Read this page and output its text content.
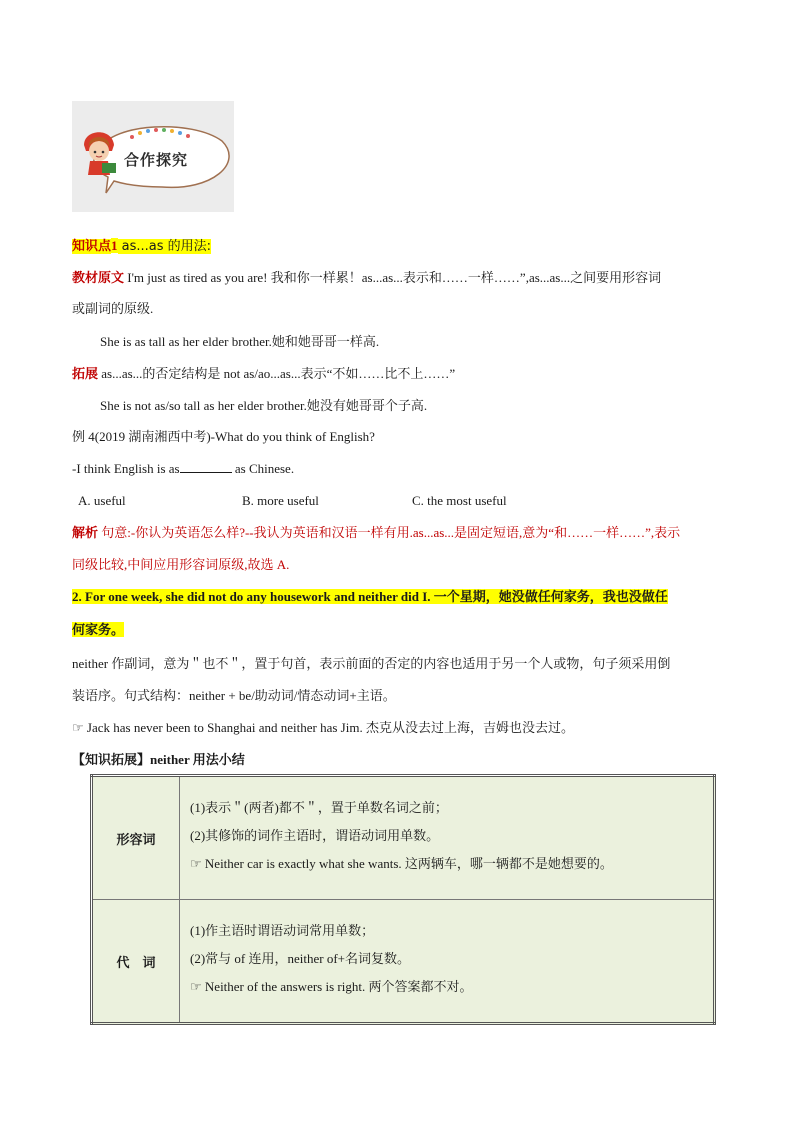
合作探究
知识点1 as...as 的用法:
教材原文 I'm just as tired as you are! 我和你一样累！as...as...表示和……一样……”,as...as...之间要用形容词
或副词的原级.
She is as tall as her elder brother.她和她哥哥一样高.
拓展 as...as...的否定结构是 not as/ao...as...表示“不如……比不上……”
She is not as/so tall as her elder brother.她没有她哥哥个子高.
例 4(2019 湖南湘西中考)-What do you think of English?
-I think English is as	as Chinese.
A. useful	B. more useful	C. the most useful
解析 句意:-你认为英语怎么样?--我认为英语和汉语一样有用.as...as...是固定短语,意为“和……一样……”,表示
同级比较,中间应用形容词原级,故选 A.
2. For one week, she did not do any housework and neither did I. 一个星期，她没做任何家务，我也没做任
何家务。
neither 作副词，意为＂也不＂，置于句首，表示前面的否定的内容也适用于另一个人或物，句子须采用倒
装语序。句式结构：neither + be/助动词/情态动词+主语。
☞ Jack has never been to Shanghai and neither has Jim. 杰克从没去过上海，吉姆也没去过。
【知识拓展】neither 用法小结
形容词	(1)表示＂(两者)都不＂，置于单数名词之前；
(2)其修饰的词作主语时，谓语动词用单数。
☞ Neither car is exactly what she wants. 这两辆车，哪一辆都不是她想要的。

代　词	(1)作主语时谓语动词常用单数；
(2)常与 of 连用，neither of+名词复数。
☞ Neither of the answers is right. 两个答案都不对。
